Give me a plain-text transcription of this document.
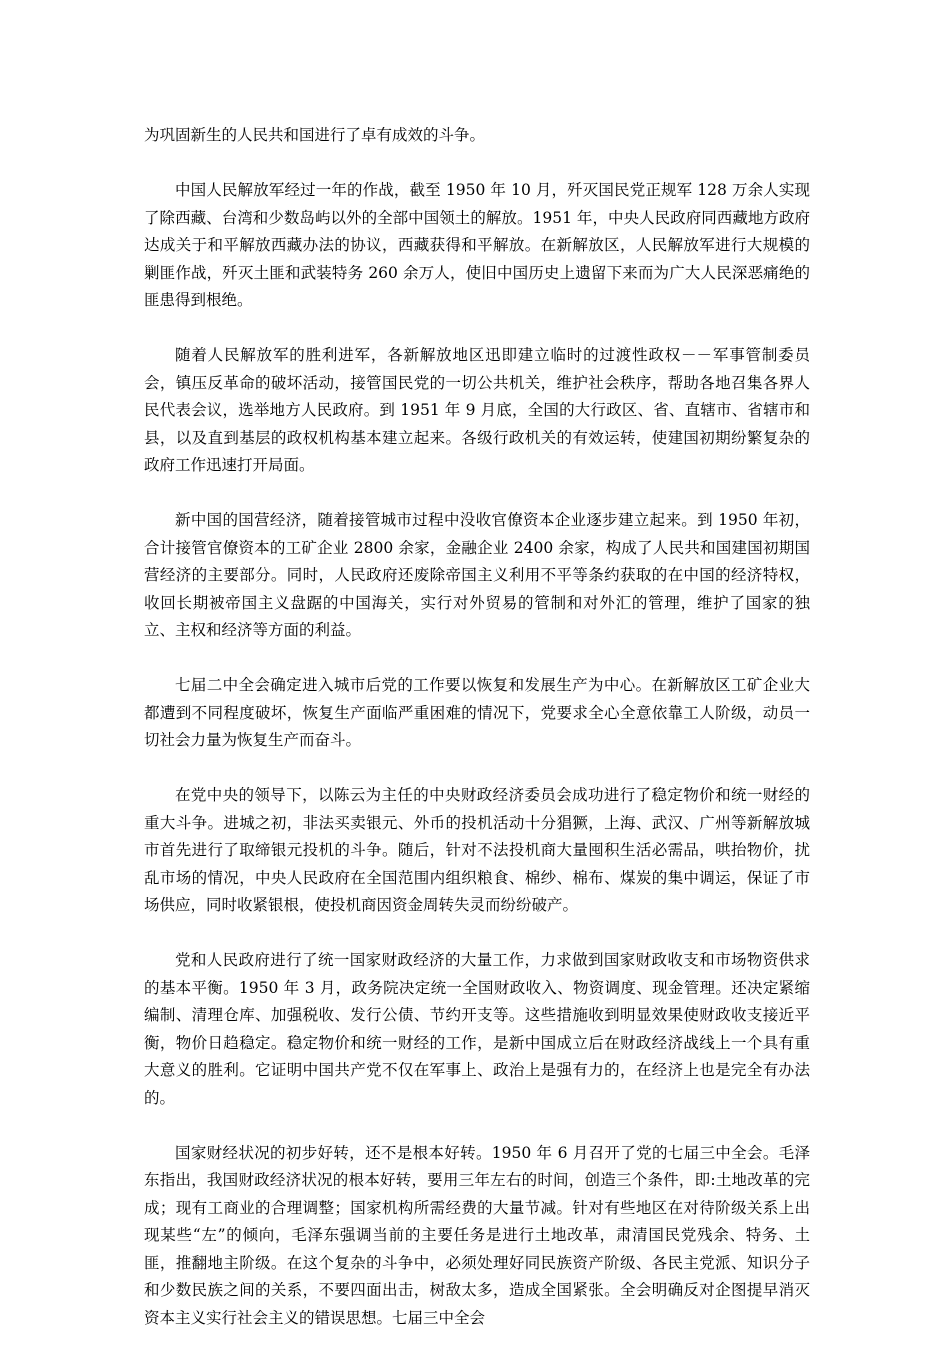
为巩固新生的人民共和国进行了卓有成效的斗争。

中国人民解放军经过一年的作战，截至 1950 年 10 月，歼灭国民党正规军 128 万余人实现了除西藏、台湾和少数岛屿以外的全部中国领土的解放。1951 年，中央人民政府同西藏地方政府达成关于和平解放西藏办法的协议，西藏获得和平解放。在新解放区，人民解放军进行大规模的剿匪作战，歼灭土匪和武装特务 260 余万人，使旧中国历史上遗留下来而为广大人民深恶痛绝的匪患得到根绝。

随着人民解放军的胜利进军，各新解放地区迅即建立临时的过渡性政权－－军事管制委员会，镇压反革命的破坏活动，接管国民党的一切公共机关，维护社会秩序，帮助各地召集各界人民代表会议，选举地方人民政府。到 1951 年 9 月底，全国的大行政区、省、直辖市、省辖市和县，以及直到基层的政权机构基本建立起来。各级行政机关的有效运转，使建国初期纷繁复杂的政府工作迅速打开局面。

新中国的国营经济，随着接管城市过程中没收官僚资本企业逐步建立起来。到 1950 年初，合计接管官僚资本的工矿企业 2800 余家，金融企业 2400 余家，构成了人民共和国建国初期国营经济的主要部分。同时，人民政府还废除帝国主义利用不平等条约获取的在中国的经济特权，收回长期被帝国主义盘踞的中国海关，实行对外贸易的管制和对外汇的管理，维护了国家的独立、主权和经济等方面的利益。

七届二中全会确定进入城市后党的工作要以恢复和发展生产为中心。在新解放区工矿企业大都遭到不同程度破坏，恢复生产面临严重困难的情况下，党要求全心全意依靠工人阶级，动员一切社会力量为恢复生产而奋斗。

在党中央的领导下，以陈云为主任的中央财政经济委员会成功进行了稳定物价和统一财经的重大斗争。进城之初，非法买卖银元、外币的投机活动十分猖獗，上海、武汉、广州等新解放城市首先进行了取缔银元投机的斗争。随后，针对不法投机商大量囤积生活必需品，哄抬物价，扰乱市场的情况，中央人民政府在全国范围内组织粮食、棉纱、棉布、煤炭的集中调运，保证了市场供应，同时收紧银根，使投机商因资金周转失灵而纷纷破产。

党和人民政府进行了统一国家财政经济的大量工作，力求做到国家财政收支和市场物资供求的基本平衡。1950 年 3 月，政务院决定统一全国财政收入、物资调度、现金管理。还决定紧缩编制、清理仓库、加强税收、发行公债、节约开支等。这些措施收到明显效果使财政收支接近平衡，物价日趋稳定。稳定物价和统一财经的工作，是新中国成立后在财政经济战线上一个具有重大意义的胜利。它证明中国共产党不仅在军事上、政治上是强有力的，在经济上也是完全有办法的。

国家财经状况的初步好转，还不是根本好转。1950 年 6 月召开了党的七届三中全会。毛泽东指出，我国财政经济状况的根本好转，要用三年左右的时间，创造三个条件，即:土地改革的完成；现有工商业的合理调整；国家机构所需经费的大量节减。针对有些地区在对待阶级关系上出现某些“左”的倾向，毛泽东强调当前的主要任务是进行土地改革，肃清国民党残余、特务、土匪，推翻地主阶级。在这个复杂的斗争中，必须处理好同民族资产阶级、各民主党派、知识分子和少数民族之间的关系，不要四面出击，树敌太多，造成全国紧张。全会明确反对企图提早消灭资本主义实行社会主义的错误思想。七届三中全会
